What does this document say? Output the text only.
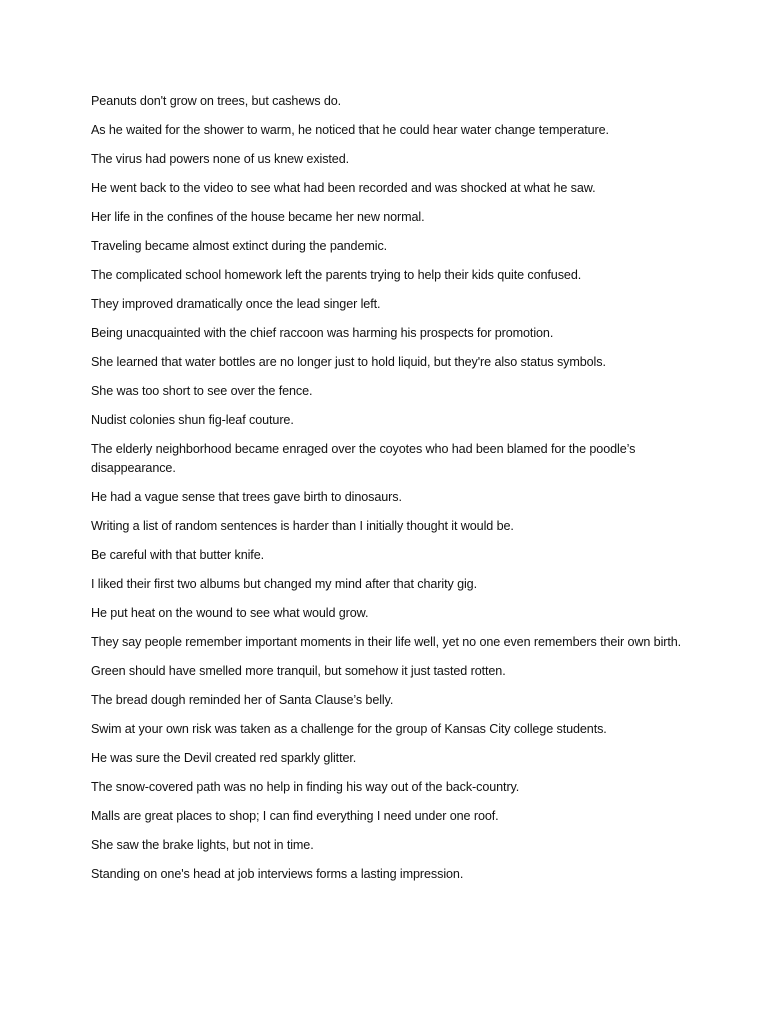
Peanuts don't grow on trees, but cashews do.

As he waited for the shower to warm, he noticed that he could hear water change temperature.

The virus had powers none of us knew existed.

He went back to the video to see what had been recorded and was shocked at what he saw.

Her life in the confines of the house became her new normal.

Traveling became almost extinct during the pandemic.

The complicated school homework left the parents trying to help their kids quite confused.

They improved dramatically once the lead singer left.

Being unacquainted with the chief raccoon was harming his prospects for promotion.

She learned that water bottles are no longer just to hold liquid, but they're also status symbols.

She was too short to see over the fence.

Nudist colonies shun fig-leaf couture.

The elderly neighborhood became enraged over the coyotes who had been blamed for the poodle’s disappearance.

He had a vague sense that trees gave birth to dinosaurs.

Writing a list of random sentences is harder than I initially thought it would be.

Be careful with that butter knife.

I liked their first two albums but changed my mind after that charity gig.

He put heat on the wound to see what would grow.

They say people remember important moments in their life well, yet no one even remembers their own birth.

Green should have smelled more tranquil, but somehow it just tasted rotten.

The bread dough reminded her of Santa Clause’s belly.

Swim at your own risk was taken as a challenge for the group of Kansas City college students.

He was sure the Devil created red sparkly glitter.

The snow-covered path was no help in finding his way out of the back-country.

Malls are great places to shop; I can find everything I need under one roof.

She saw the brake lights, but not in time.

Standing on one's head at job interviews forms a lasting impression.
